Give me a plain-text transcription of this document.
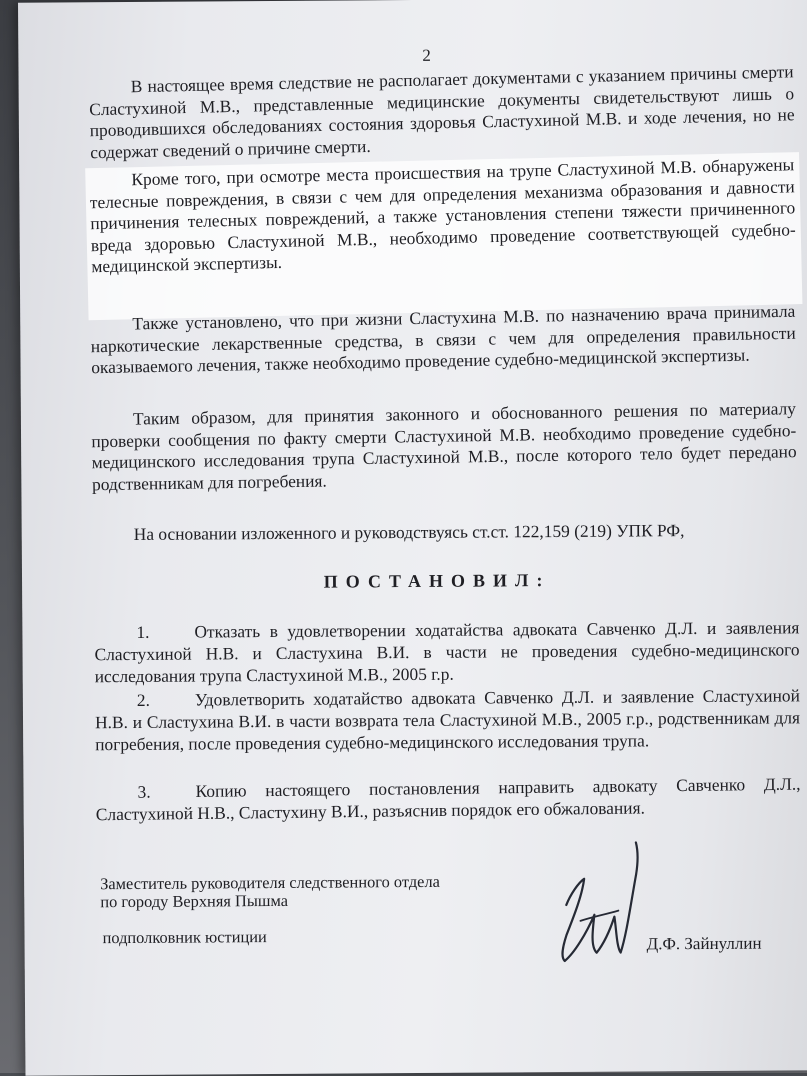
2

В настоящее время следствие не располагает документами с указанием причины смерти Сластухиной М.В., представленные медицинские документы свидетельствуют лишь о проводившихся обследованиях состояния здоровья Сластухиной М.В. и ходе лечения, но не содержат сведений о причине смерти.

Кроме того, при осмотре места происшествия на трупе Сластухиной М.В. обнаружены телесные повреждения, в связи с чем для определения механизма образования и давности причинения телесных повреждений, а также установления степени тяжести причиненного вреда здоровью Сластухиной М.В., необходимо проведение соответствующей судебно-медицинской экспертизы.

Также установлено, что при жизни Сластухина М.В. по назначению врача принимала наркотические лекарственные средства, в связи с чем для определения правильности оказываемого лечения, также необходимо проведение судебно-медицинской экспертизы.

Таким образом, для принятия законного и обоснованного решения по материалу проверки сообщения по факту смерти Сластухиной М.В. необходимо проведение судебно-медицинского исследования трупа Сластухиной М.В., после которого тело будет передано родственникам для погребения.

На основании изложенного и руководствуясь ст.ст. 122,159 (219) УПК РФ,

ПОСТАНОВИЛ:

1.	Отказать в удовлетворении ходатайства адвоката Савченко Д.Л. и заявления Сластухиной Н.В. и Сластухина В.И. в части не проведения судебно-медицинского исследования трупа Сластухиной М.В., 2005 г.р.

2.	Удовлетворить ходатайство адвоката Савченко Д.Л. и заявление Сластухиной Н.В. и Сластухина В.И. в части возврата тела Сластухиной М.В., 2005 г.р., родственникам для погребения, после проведения судебно-медицинского исследования трупа.

3.	Копию настоящего постановления направить адвокату Савченко Д.Л., Сластухиной Н.В., Сластухину В.И., разъяснив порядок его обжалования.

Заместитель руководителя следственного отдела
по городу Верхняя Пышма
подполковник юстиции	Д.Ф. Зайнуллин
